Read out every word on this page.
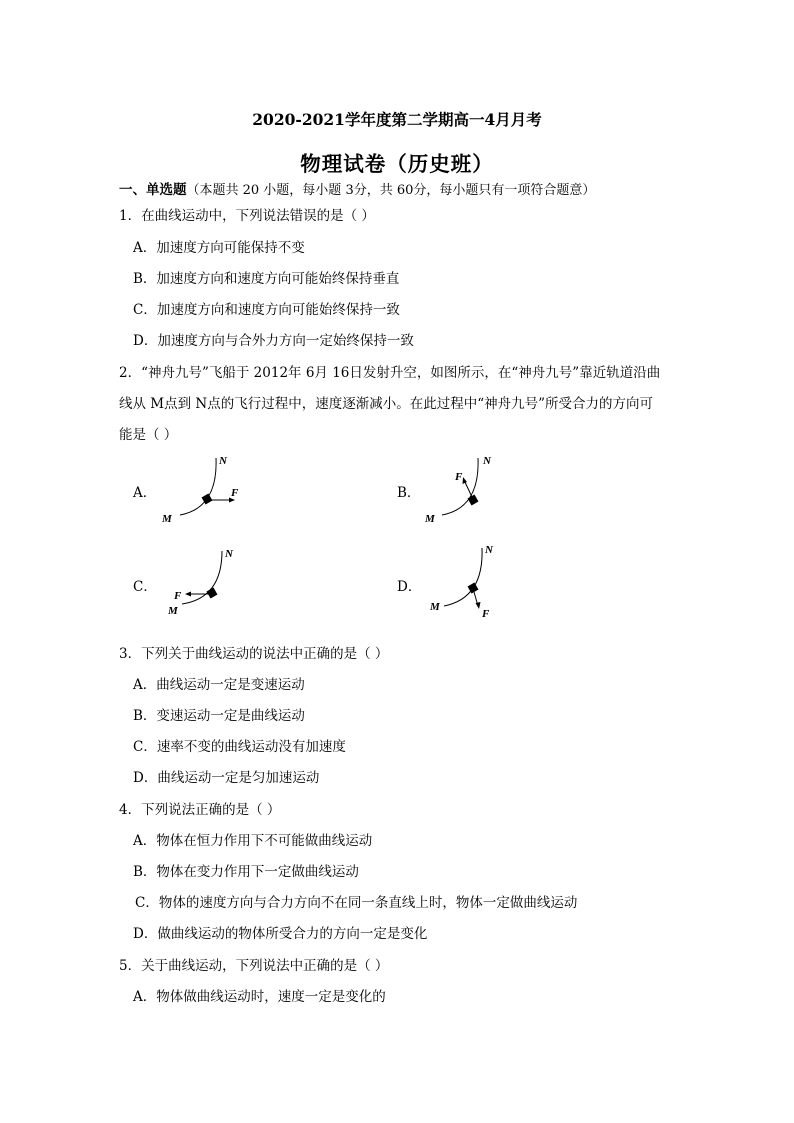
2020-2021学年度第二学期高一4月月考
物理试卷（历史班）
一、单选题（本题共 20 小题，每小题 3分，共 60分，每小题只有一项符合题意）
1．在曲线运动中，下列说法错误的是（ ）
A．加速度方向可能保持不变
B．加速度方向和速度方向可能始终保持垂直
C．加速度方向和速度方向可能始终保持一致
D．加速度方向与合外力方向一定始终保持一致
2．“神舟九号”飞船于 2012年 6月 16日发射升空，如图所示，在“神舟九号”靠近轨道沿曲
线从 M点到 N点的飞行过程中，速度逐渐减小。在此过程中“神舟九号”所受合力的方向可
能是（ ）
A．
M
N
F	B．
M
N
F
C．
M
N
F
D．
M
N
F
3．下列关于曲线运动的说法中正确的是（ ）
A．曲线运动一定是变速运动
B．变速运动一定是曲线运动
C．速率不变的曲线运动没有加速度
D．曲线运动一定是匀加速运动
4．下列说法正确的是（ ）
A．物体在恒力作用下不可能做曲线运动
B．物体在变力作用下一定做曲线运动
C．物体的速度方向与合力方向不在同一条直线上时，物体一定做曲线运动
D．做曲线运动的物体所受合力的方向一定是变化
5．关于曲线运动，下列说法中正确的是（ ）
A．物体做曲线运动时，速度一定是变化的
